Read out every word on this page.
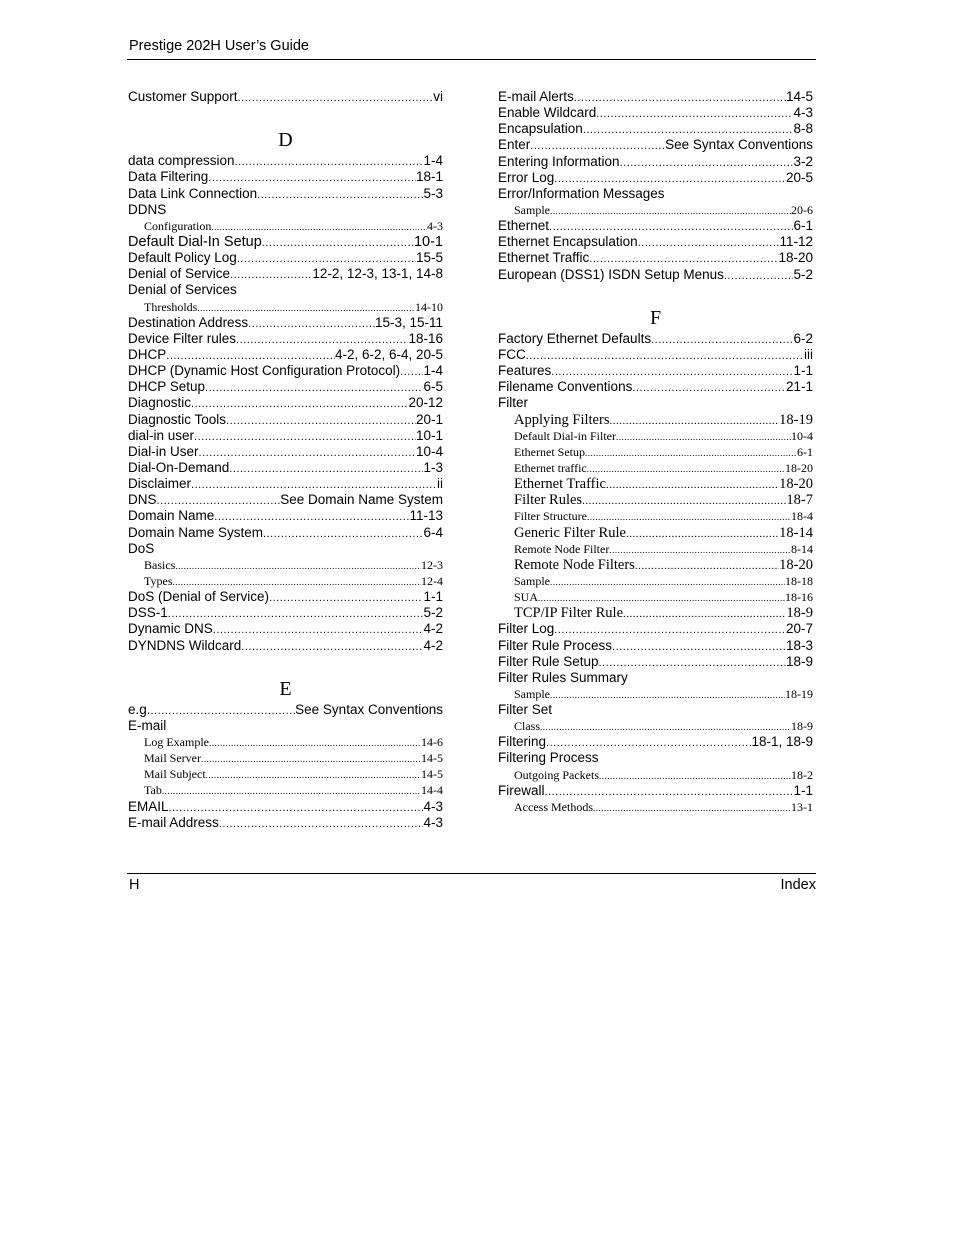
Prestige 202H User’s Guide
Customer Support .....	vi
D
data compression .....	1-4
Data Filtering .....	18-1
Data Link Connection .....	5-3
DDNS
Configuration .....	4-3
Default Dial-In Setup .....	10-1
Default Policy Log .....	15-5
Denial of Service .....	12-2, 12-3, 13-1, 14-8
Denial of Services
Thresholds .....	14-10
Destination Address .....	15-3, 15-11
Device Filter rules .....	18-16
DHCP .....	4-2, 6-2, 6-4, 20-5
DHCP (Dynamic Host Configuration Protocol) ..... 1-4
DHCP Setup .....	6-5
Diagnostic .....	20-12
Diagnostic Tools .....	20-1
dial-in user .....	10-1
Dial-in User .....	10-4
Dial-On-Demand .....	1-3
Disclaimer .....	ii
DNS .....	See Domain Name System
Domain Name .....	11-13
Domain Name System .....	6-4
DoS
Basics .....	12-3
Types .....	12-4
DoS (Denial of Service) .....	1-1
DSS-1 .....	5-2
Dynamic DNS .....	4-2
DYNDNS Wildcard .....	4-2
E
e.g. .....	See Syntax Conventions
E-mail
Log Example .....	14-6
Mail Server .....	14-5
Mail Subject .....	14-5
Tab .....	14-4
EMAIL .....	4-3
E-mail Address .....	4-3
E-mail Alerts .....	14-5
Enable Wildcard .....	4-3
Encapsulation .....	8-8
Enter .....	See Syntax Conventions
Entering Information .....	3-2
Error Log .....	20-5
Error/Information Messages
Sample .....	20-6
Ethernet .....	6-1
Ethernet Encapsulation .....	11-12
Ethernet Traffic .....	18-20
European (DSS1) ISDN Setup Menus .....	5-2
F
Factory Ethernet Defaults .....	6-2
FCC .....	iii
Features .....	1-1
Filename Conventions .....	21-1
Filter
Applying Filters .....	18-19
Default Dial-in Filter .....	10-4
Ethernet Setup .....	6-1
Ethernet traffic .....	18-20
Ethernet Traffic .....	18-20
Filter Rules .....	18-7
Filter Structure .....	18-4
Generic Filter Rule .....	18-14
Remote Node Filter .....	8-14
Remote Node Filters .....	18-20
Sample .....	18-18
SUA .....	18-16
TCP/IP Filter Rule .....	18-9
Filter Log .....	20-7
Filter Rule Process .....	18-3
Filter Rule Setup .....	18-9
Filter Rules Summary
Sample .....	18-19
Filter Set
Class .....	18-9
Filtering .....	18-1, 18-9
Filtering Process
Outgoing Packets .....	18-2
Firewall .....	1-1
Access Methods .....	13-1
H	Index
